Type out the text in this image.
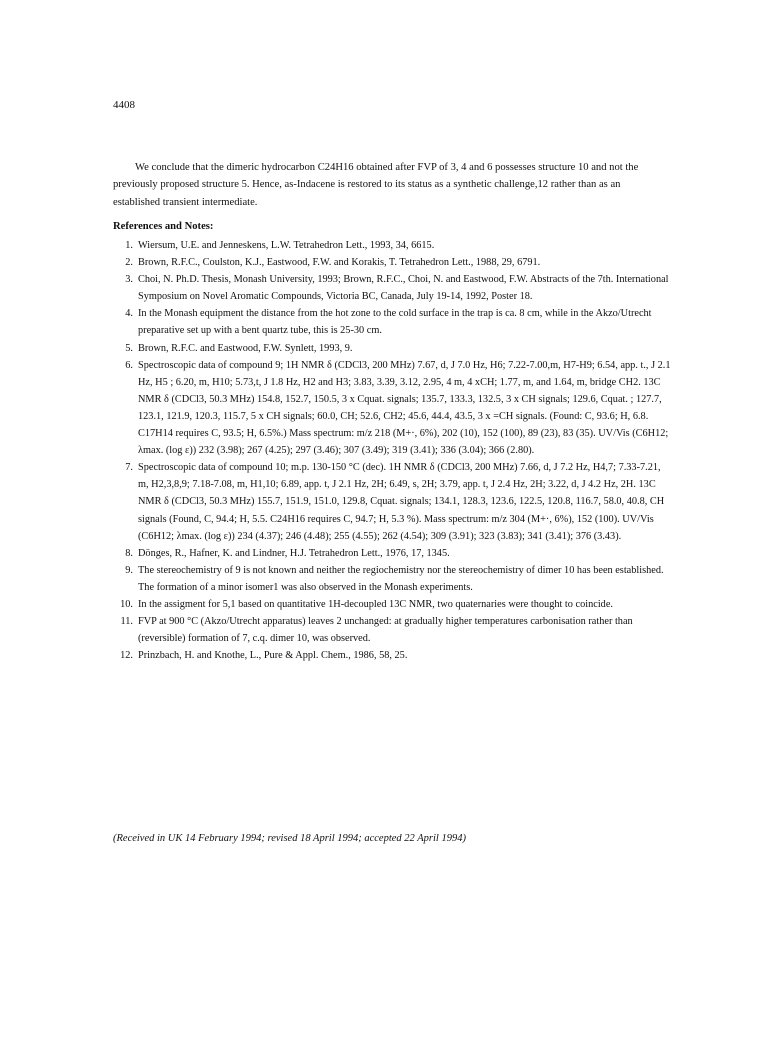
4408

We conclude that the dimeric hydrocarbon C24H16 obtained after FVP of 3, 4 and 6 possesses structure 10 and not the previously proposed structure 5. Hence, as-Indacene is restored to its status as a synthetic challenge,12 rather than as an established transient intermediate.

References and Notes:
1. Wiersum, U.E. and Jenneskens, L.W. Tetrahedron Lett., 1993, 34, 6615.
2. Brown, R.F.C., Coulston, K.J., Eastwood, F.W. and Korakis, T. Tetrahedron Lett., 1988, 29, 6791.
3. Choi, N. Ph.D. Thesis, Monash University, 1993; Brown, R.F.C., Choi, N. and Eastwood, F.W. Abstracts of the 7th. International Symposium on Novel Aromatic Compounds, Victoria BC, Canada, July 19-14, 1992, Poster 18.
4. In the Monash equipment the distance from the hot zone to the cold surface in the trap is ca. 8 cm, while in the Akzo/Utrecht preparative set up with a bent quartz tube, this is 25-30 cm.
5. Brown, R.F.C. and Eastwood, F.W. Synlett, 1993, 9.
6. Spectroscopic data of compound 9; 1H NMR δ (CDCl3, 200 MHz) 7.67, d, J 7.0 Hz, H6; 7.22-7.00,m, H7-H9; 6.54, app. t., J 2.1 Hz, H5 ; 6.20, m, H10; 5.73,t, J 1.8 Hz, H2 and H3; 3.83, 3.39, 3.12, 2.95, 4 m, 4 xCH; 1.77, m, and 1.64, m, bridge CH2. 13C NMR δ (CDCl3, 50.3 MHz) 154.8, 152.7, 150.5, 3 x Cquat. signals; 135.7, 133.3, 132.5, 3 x CH signals; 129.6, Cquat. ; 127.7, 123.1, 121.9, 120.3, 115.7, 5 x CH signals; 60.0, CH; 52.6, CH2; 45.6, 44.4, 43.5, 3 x =CH signals. (Found: C, 93.6; H, 6.8. C17H14 requires C, 93.5; H, 6.5%.) Mass spectrum: m/z 218 (M+·, 6%), 202 (10), 152 (100), 89 (23), 83 (35). UV/Vis (C6H12; λmax. (log ε)) 232 (3.98); 267 (4.25); 297 (3.46); 307 (3.49); 319 (3.41); 336 (3.04); 366 (2.80).
7. Spectroscopic data of compound 10; m.p. 130-150 °C (dec). 1H NMR δ (CDCl3, 200 MHz) 7.66, d, J 7.2 Hz, H4,7; 7.33-7.21, m, H2,3,8,9; 7.18-7.08, m, H1,10; 6.89, app. t, J 2.1 Hz, 2H; 6.49, s, 2H; 3.79, app. t, J 2.4 Hz, 2H; 3.22, d, J 4.2 Hz, 2H. 13C NMR δ (CDCl3, 50.3 MHz) 155.7, 151.9, 151.0, 129.8, Cquat. signals; 134.1, 128.3, 123.6, 122.5, 120.8, 116.7, 58.0, 40.8, CH signals (Found, C, 94.4; H, 5.5. C24H16 requires C, 94.7; H, 5.3 %). Mass spectrum: m/z 304 (M+·, 6%), 152 (100). UV/Vis (C6H12; λmax. (log ε)) 234 (4.37); 246 (4.48); 255 (4.55); 262 (4.54); 309 (3.91); 323 (3.83); 341 (3.41); 376 (3.43).
8. Dönges, R., Hafner, K. and Lindner, H.J. Tetrahedron Lett., 1976, 17, 1345.
9. The stereochemistry of 9 is not known and neither the regiochemistry nor the stereochemistry of dimer 10 has been established. The formation of a minor isomer1 was also observed in the Monash experiments.
10. In the assigment for 5,1 based on quantitative 1H-decoupled 13C NMR, two quaternaries were thought to coincide.
11. FVP at 900 °C (Akzo/Utrecht apparatus) leaves 2 unchanged: at gradually higher temperatures carbonisation rather than (reversible) formation of 7, c.q. dimer 10, was observed.
12. Prinzbach, H. and Knothe, L., Pure & Appl. Chem., 1986, 58, 25.
(Received in UK 14 February 1994; revised 18 April 1994; accepted 22 April 1994)
